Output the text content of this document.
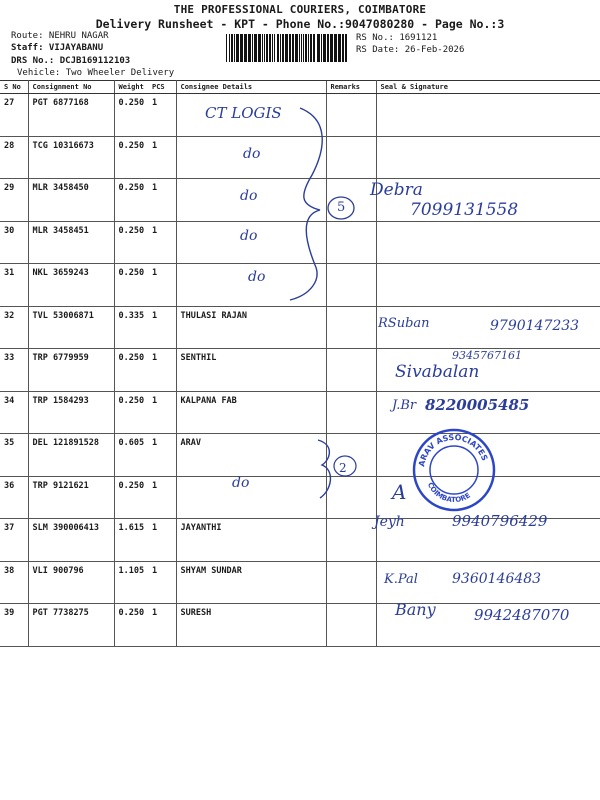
THE PROFESSIONAL COURIERS, COIMBATORE
Delivery Runsheet - KPT - Phone No.:9047080280 - Page No.:3
Route: NEHRU NAGAR
Staff: VIJAYABANU
DRS No.: DCJB169112103
Vehicle: Two Wheeler Delivery
RS No.: 1691121
RS Date: 26-Feb-2026
S No	Consignment No	Weight	PCS	Consignee Details	Remarks	Seal & Signature
27	PGT 6877168	0.250	1			
28	TCG 10316673	0.250	1			
29	MLR 3458450	0.250	1			
30	MLR 3458451	0.250	1			
31	NKL 3659243	0.250	1			
32	TVL 53006871	0.335	1	THULASI RAJAN		
33	TRP 6779959	0.250	1	SENTHIL		
34	TRP 1584293	0.250	1	KALPANA FAB		
35	DEL 121891528	0.605	1	ARAV		
36	TRP 9121621	0.250	1			
37	SLM 390006413	1.615	1	JAYANTHI		
38	VLI 900796	1.105	1	SHYAM SUNDAR		
39	PGT 7738275	0.250	1	SURESH		
CT LOGIS
do
do
do
do
do
5
2
Debra
7099131558
RSuban	9790147233
9345767161
Sivabalan
J.Br 8220005485
A
Jeyh	9940796429
K.Pal 9360146483
Bany	9942487070
ARAV ASSOCIATES
COIMBATORE
